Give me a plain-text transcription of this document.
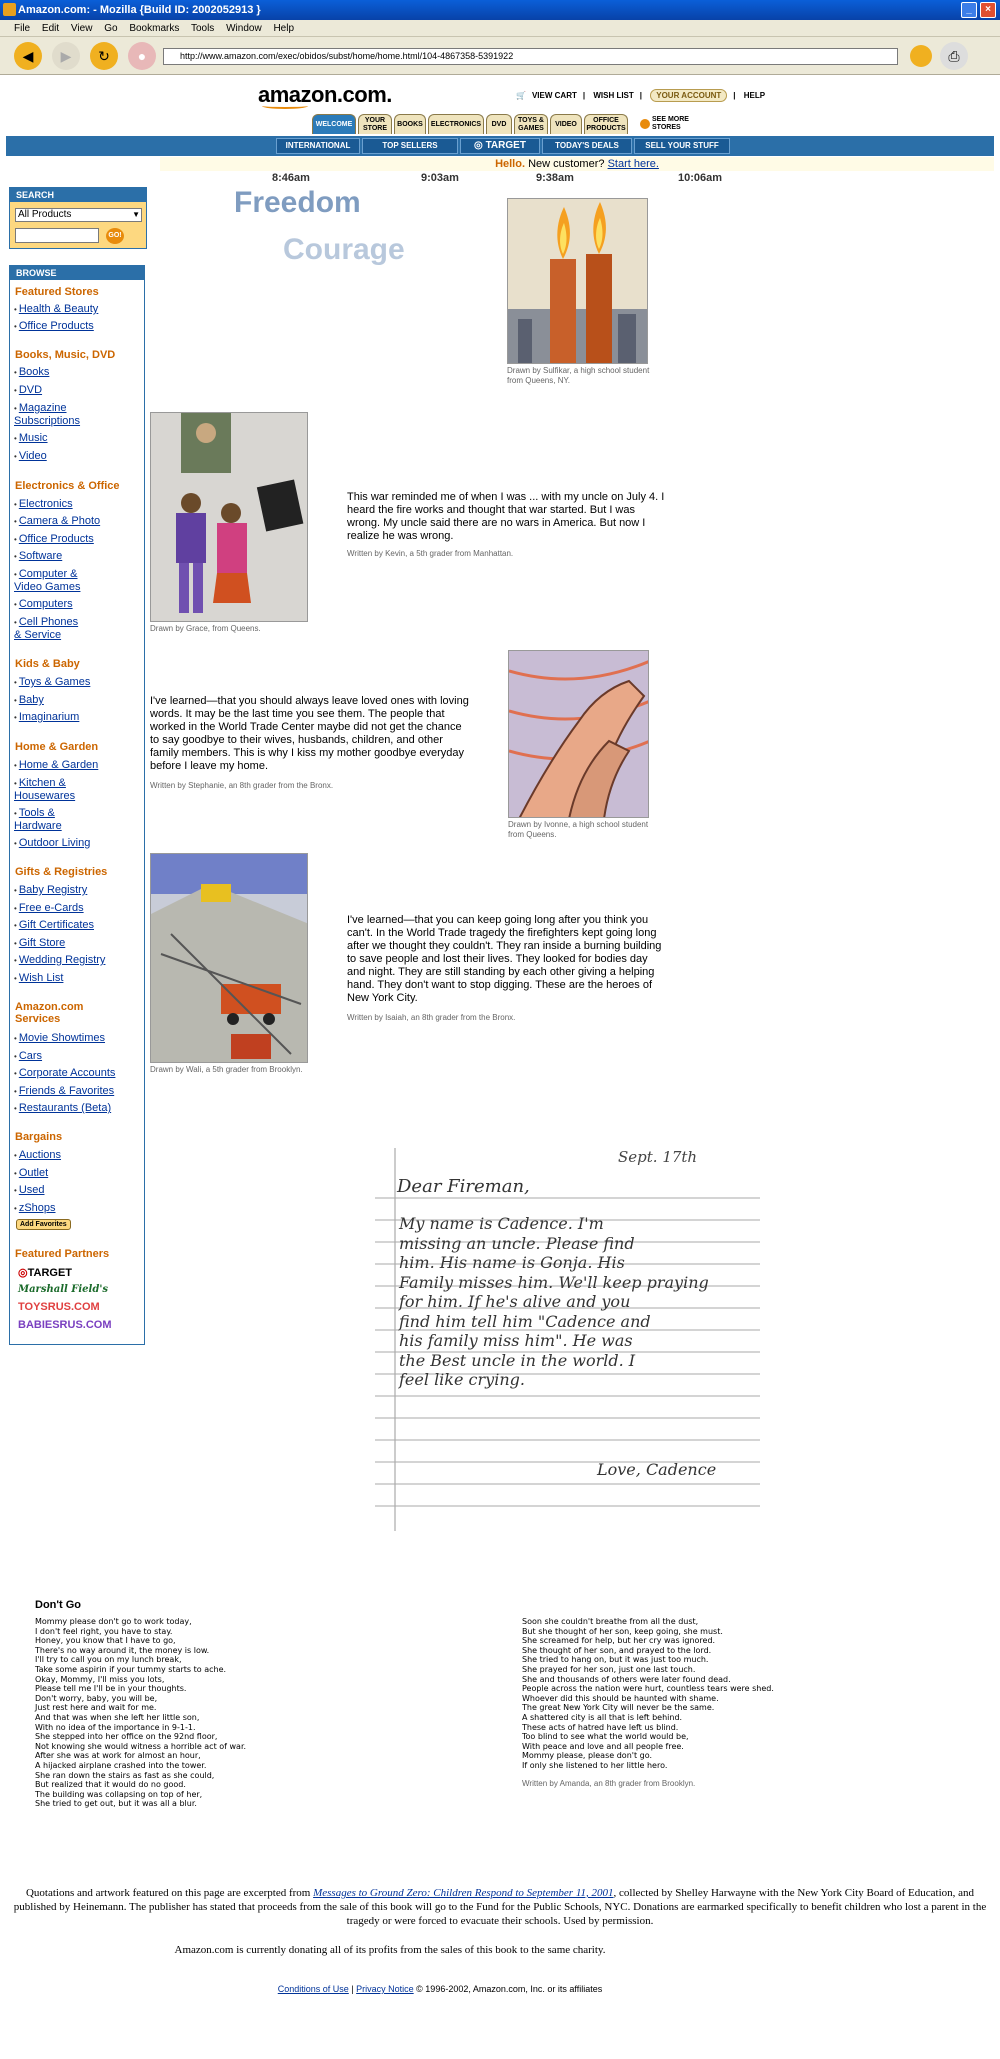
Amazon.com: - Mozilla {Build ID: 2002052913 }	_	×
File Edit View Go Bookmarks Tools Window Help
◀	▶	↻	●	http://www.amazon.com/exec/obidos/subst/home/home.html/104-4867358-5391922	⎙
amazon.com.	🛒 VIEW CART | WISH LIST | YOUR ACCOUNT | HELP
WELCOME
YOUR STORE
BOOKS	ELECTRONICS	DVD
TOYS & GAMES
VIDEO
OFFICE PRODUCTS
SEE MORE STORES
INTERNATIONAL	TOP SELLERS	◎ TARGET	TODAY'S DEALS	SELL YOUR STUFF
Hello. New customer? Start here.
SEARCH
All Products	▼
GO!
BROWSE
Featured Stores
• Health & Beauty
• Office Products
Books, Music, DVD
• Books
• DVD
• Magazine Subscriptions
• Music
• Video
Electronics & Office
• Electronics
• Camera & Photo
• Office Products
• Software
• Computer & Video Games
• Computers
• Cell Phones & Service
Kids & Baby
• Toys & Games
• Baby
• Imaginarium
Home & Garden
• Home & Garden
• Kitchen & Housewares
• Tools & Hardware
• Outdoor Living
Gifts & Registries
• Baby Registry
• Free e-Cards
• Gift Certificates
• Gift Store
• Wedding Registry
• Wish List
Amazon.com Services
• Movie Showtimes
• Cars
• Corporate Accounts
• Friends & Favorites
• Restaurants (Beta)
Bargains
• Auctions
• Outlet
• Used
• zShops
Add Favorites
Featured Partners
◎TARGET
Marshall Field's
TOYSRUS.COM
BABIESRUS.COM
8:46am	9:03am	9:38am	10:06am
Freedom
Courage
Drawn by Sulfikar, a high school student from Queens, NY.
Drawn by Grace, from Queens.
This war reminded me of when I was ... with my uncle on July 4. I heard the fire works and thought that war started. But I was wrong. My uncle said there are no wars in America. But now I realize he was wrong.
Written by Kevin, a 5th grader from Manhattan.
I've learned—that you should always leave loved ones with loving words. It may be the last time you see them. The people that worked in the World Trade Center maybe did not get the chance to say goodbye to their wives, husbands, children, and other family members. This is why I kiss my mother goodbye everyday before I leave my home.
Written by Stephanie, an 8th grader from the Bronx.
Drawn by Ivonne, a high school student from Queens.
Drawn by Wali, a 5th grader from Brooklyn.
I've learned—that you can keep going long after you think you can't. In the World Trade tragedy the firefighters kept going long after we thought they couldn't. They ran inside a burning building to save people and lost their lives. They looked for bodies day and night. They are still standing by each other giving a helping hand. They don't want to stop digging. These are the heroes of New York City.
Written by Isaiah, an 8th grader from the Bronx.
Sept. 17th
Dear Fireman,
My name is Cadence. I'm
missing an uncle. Please find
him. His name is Gonja. His
Family misses him. We'll keep praying
for him. If he's alive and you
find him tell him "Cadence and
his family miss him". He was
the Best uncle in the world. I
feel like crying.
Love, Cadence
Don't Go
Mommy please don't go to work today,
I don't feel right, you have to stay.
Honey, you know that I have to go,
There's no way around it, the money is low.
I'll try to call you on my lunch break,
Take some aspirin if your tummy starts to ache.
Okay, Mommy, I'll miss you lots,
Please tell me I'll be in your thoughts.
Don't worry, baby, you will be,
Just rest here and wait for me.
And that was when she left her little son,
With no idea of the importance in 9-1-1.
She stepped into her office on the 92nd floor,
Not knowing she would witness a horrible act of war.
After she was at work for almost an hour,
A hijacked airplane crashed into the tower.
She ran down the stairs as fast as she could,
But realized that it would do no good.
The building was collapsing on top of her,
She tried to get out, but it was all a blur.
Soon she couldn't breathe from all the dust,
But she thought of her son, keep going, she must.
She screamed for help, but her cry was ignored.
She thought of her son, and prayed to the lord.
She tried to hang on, but it was just too much.
She prayed for her son, just one last touch.
She and thousands of others were later found dead.
People across the nation were hurt, countless tears were shed.
Whoever did this should be haunted with shame.
The great New York City will never be the same.
A shattered city is all that is left behind.
These acts of hatred have left us blind.
Too blind to see what the world would be,
With peace and love and all people free.
Mommy please, please don't go.
If only she listened to her little hero.
Written by Amanda, an 8th grader from Brooklyn.
Quotations and artwork featured on this page are excerpted from Messages to Ground Zero: Children Respond to September 11, 2001, collected by Shelley Harwayne with the New York City Board of Education, and published by Heinemann. The publisher has stated that proceeds from the sale of this book will go to the Fund for the Public Schools, NYC. Donations are earmarked specifically to benefit children who lost a parent in the tragedy or were forced to evacuate their schools. Used by permission.
Amazon.com is currently donating all of its profits from the sales of this book to the same charity.
Conditions of Use | Privacy Notice © 1996-2002, Amazon.com, Inc. or its affiliates
